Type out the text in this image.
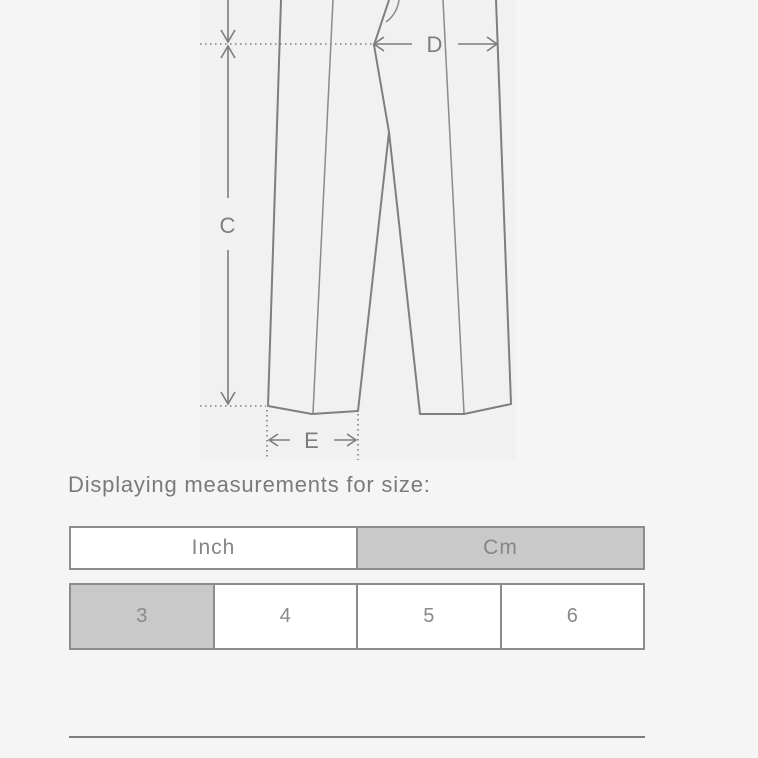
C
D
E
Displaying measurements for size:
Inch	Cm
3	4	5	6
